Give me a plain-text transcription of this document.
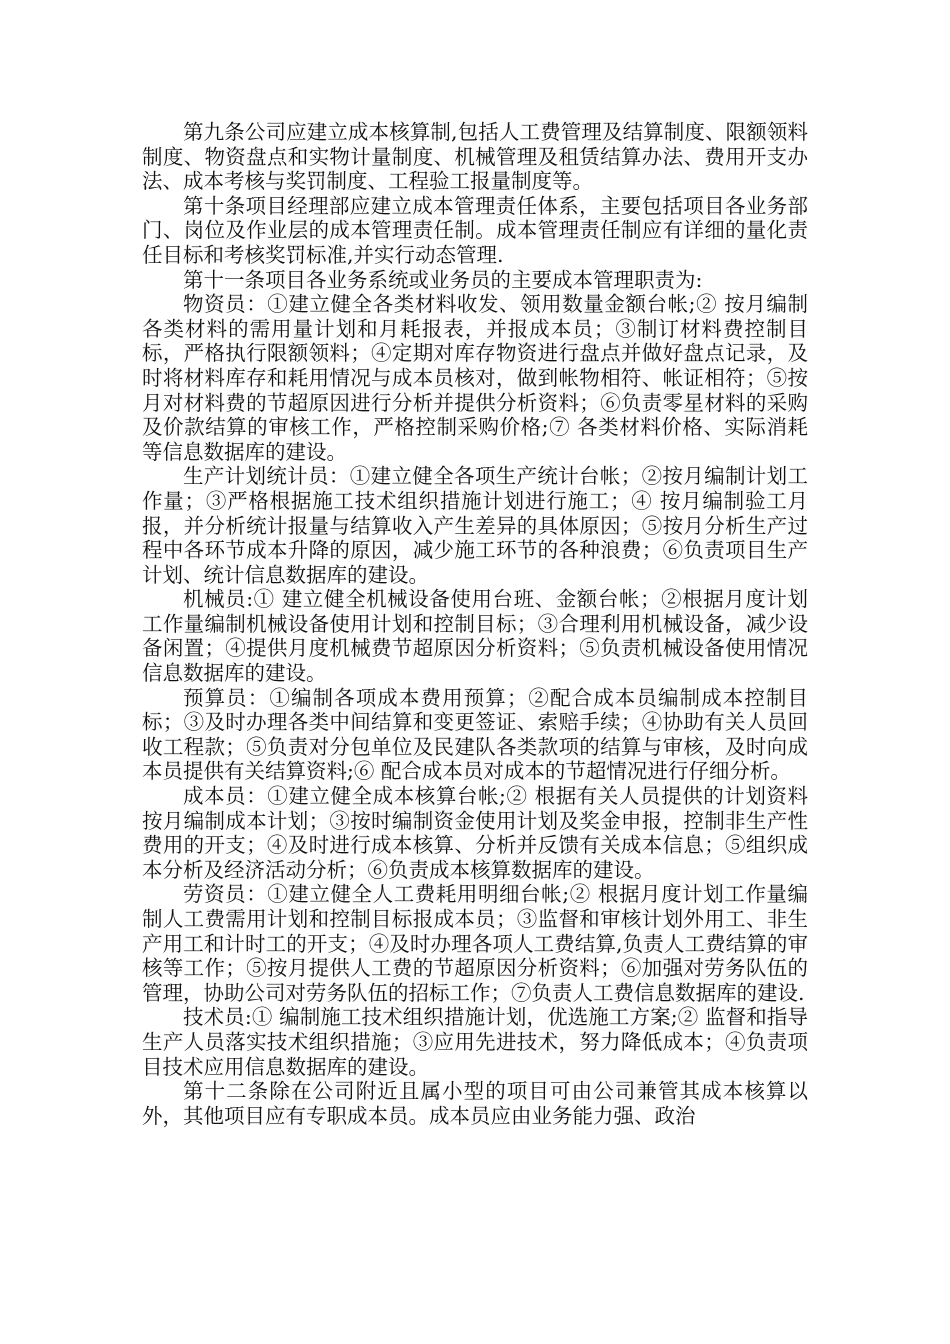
第九条公司应建立成本核算制,包括人工费管理及结算制度、限额领料制度、物资盘点和实物计量制度、机械管理及租赁结算办法、费用开支办法、成本考核与奖罚制度、工程验工报量制度等。

第十条项目经理部应建立成本管理责任体系，主要包括项目各业务部门、岗位及作业层的成本管理责任制。成本管理责任制应有详细的量化责任目标和考核奖罚标准,并实行动态管理.

第十一条项目各业务系统或业务员的主要成本管理职责为:

物资员：①建立健全各类材料收发、领用数量金额台帐;② 按月编制各类材料的需用量计划和月耗报表，并报成本员；③制订材料费控制目标，严格执行限额领料；④定期对库存物资进行盘点并做好盘点记录，及时将材料库存和耗用情况与成本员核对，做到帐物相符、帐证相符；⑤按月对材料费的节超原因进行分析并提供分析资料；⑥负责零星材料的采购及价款结算的审核工作，严格控制采购价格;⑦ 各类材料价格、实际消耗等信息数据库的建设。

生产计划统计员：①建立健全各项生产统计台帐；②按月编制计划工作量；③严格根据施工技术组织措施计划进行施工；④ 按月编制验工月报，并分析统计报量与结算收入产生差异的具体原因；⑤按月分析生产过程中各环节成本升降的原因，减少施工环节的各种浪费；⑥负责项目生产计划、统计信息数据库的建设。

机械员:① 建立健全机械设备使用台班、金额台帐；②根据月度计划工作量编制机械设备使用计划和控制目标；③合理利用机械设备，减少设备闲置；④提供月度机械费节超原因分析资料；⑤负责机械设备使用情况信息数据库的建设。

预算员：①编制各项成本费用预算；②配合成本员编制成本控制目标；③及时办理各类中间结算和变更签证、索赔手续；④协助有关人员回收工程款；⑤负责对分包单位及民建队各类款项的结算与审核，及时向成本员提供有关结算资料;⑥ 配合成本员对成本的节超情况进行仔细分析。

成本员：①建立健全成本核算台帐;② 根据有关人员提供的计划资料按月编制成本计划；③按时编制资金使用计划及奖金申报，控制非生产性费用的开支；④及时进行成本核算、分析并反馈有关成本信息；⑤组织成本分析及经济活动分析；⑥负责成本核算数据库的建设。

劳资员：①建立健全人工费耗用明细台帐;② 根据月度计划工作量编制人工费需用计划和控制目标报成本员；③监督和审核计划外用工、非生产用工和计时工的开支；④及时办理各项人工费结算,负责人工费结算的审核等工作；⑤按月提供人工费的节超原因分析资料；⑥加强对劳务队伍的管理，协助公司对劳务队伍的招标工作；⑦负责人工费信息数据库的建设.

技术员:① 编制施工技术组织措施计划，优选施工方案;② 监督和指导生产人员落实技术组织措施；③应用先进技术，努力降低成本；④负责项目技术应用信息数据库的建设。

第十二条除在公司附近且属小型的项目可由公司兼管其成本核算以外，其他项目应有专职成本员。成本员应由业务能力强、政治
